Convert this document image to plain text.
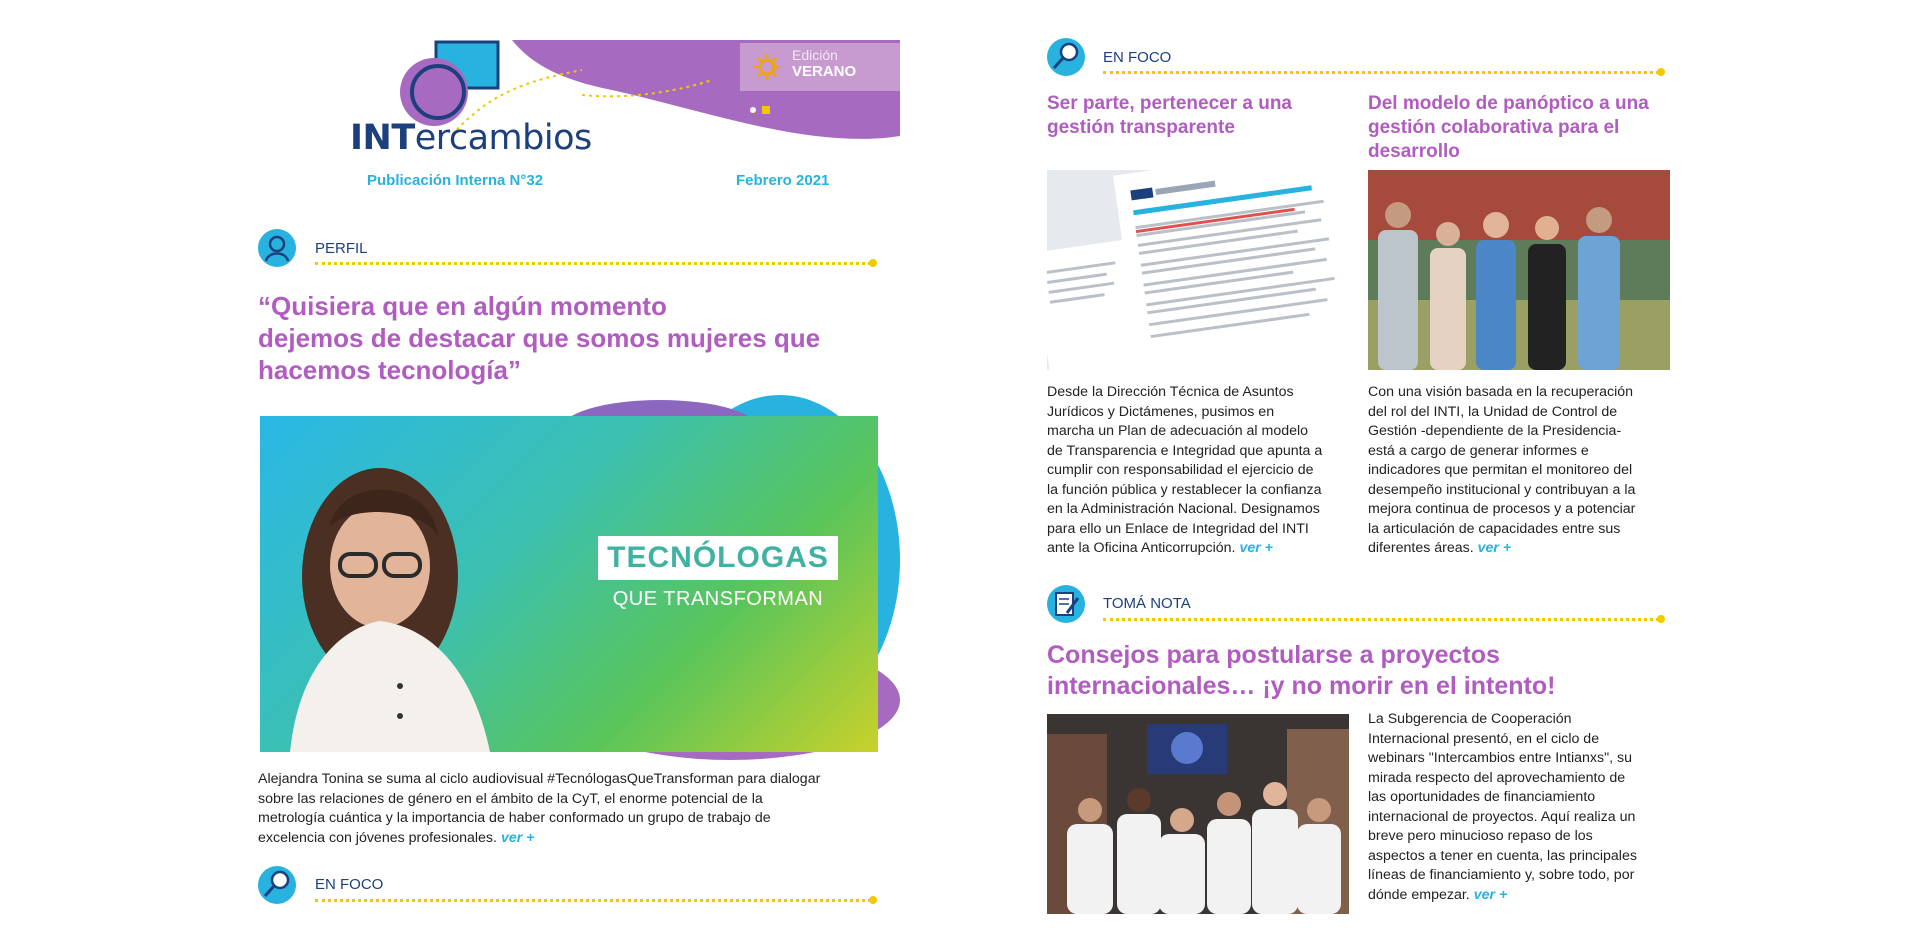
INTercambios
Edición
VERANO
Publicación Interna N°32	Febrero 2021
PERFIL
“Quisiera que en algún momento
dejemos de destacar que somos mujeres que
hacemos tecnología”
TECNÓLOGAS
QUE TRANSFORMAN
Alejandra Tonina se suma al ciclo audiovisual #TecnólogasQueTransforman para dialogar
sobre las relaciones de género en el ámbito de la CyT, el enorme potencial de la
metrología cuántica y la importancia de haber conformado un grupo de trabajo de
excelencia con jóvenes profesionales. ver +
EN FOCO
EN FOCO
Ser parte, pertenecer a una
gestión transparente
Desde la Dirección Técnica de Asuntos
Jurídicos y Dictámenes, pusimos en
marcha un Plan de adecuación al modelo
de Transparencia e Integridad que apunta a
cumplir con responsabilidad el ejercicio de
la función pública y restablecer la confianza
en la Administración Nacional. Designamos
para ello un Enlace de Integridad del INTI
ante la Oficina Anticorrupción. ver +
Del modelo de panóptico a una
gestión colaborativa para el
desarrollo
Con una visión basada en la recuperación
del rol del INTI, la Unidad de Control de
Gestión -dependiente de la Presidencia-
está a cargo de generar informes e
indicadores que permitan el monitoreo del
desempeño institucional y contribuyan a la
mejora continua de procesos y a potenciar
la articulación de capacidades entre sus
diferentes áreas. ver +
TOMÁ NOTA
Consejos para postularse a proyectos
internacionales… ¡y no morir en el intento!
La Subgerencia de Cooperación
Internacional presentó, en el ciclo de
webinars "Intercambios entre Intianxs", su
mirada respecto del aprovechamiento de
las oportunidades de financiamiento
internacional de proyectos. Aquí realiza un
breve pero minucioso repaso de los
aspectos a tener en cuenta, las principales
líneas de financiamiento y, sobre todo, por
dónde empezar. ver +
